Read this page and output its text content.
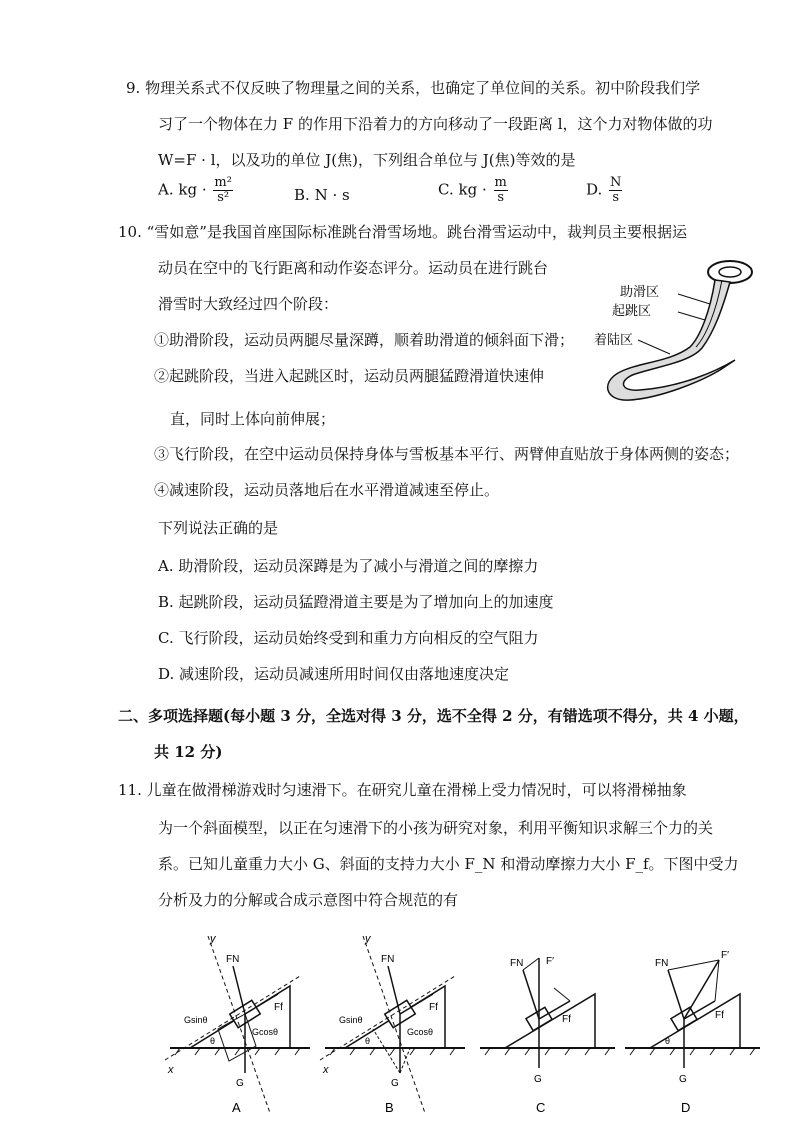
9. 物理关系式不仅反映了物理量之间的关系，也确定了单位间的关系。初中阶段我们学
习了一个物体在力 F 的作用下沿着力的方向移动了一段距离 l，这个力对物体做的功
W=F · l，以及功的单位 J(焦)，下列组合单位与 J(焦)等效的是
A. kg · $\frac{\text{m²}}{\text{s²}}$	B. N · s	C. kg · $\frac{m}{s}$	D. $\frac{N}{s}$
10. “雪如意”是我国首座国际标准跳台滑雪场地。跳台滑雪运动中，裁判员主要根据运
动员在空中的飞行距离和动作姿态评分。运动员在进行跳台
滑雪时大致经过四个阶段：
①助滑阶段，运动员两腿尽量深蹲，顺着助滑道的倾斜面下滑；
②起跳阶段，当进入起跳区时，运动员两腿猛蹬滑道快速伸
直，同时上体向前伸展；
③飞行阶段，在空中运动员保持身体与雪板基本平行、两臂伸直贴放于身体两侧的姿态；
④减速阶段，运动员落地后在水平滑道减速至停止。
下列说法正确的是
A. 助滑阶段，运动员深蹲是为了减小与滑道之间的摩擦力
B. 起跳阶段，运动员猛蹬滑道主要是为了增加向上的加速度
C. 飞行阶段，运动员始终受到和重力方向相反的空气阻力
D. 减速阶段，运动员减速所用时间仅由落地速度决定
助滑区
起跳区
着陆区
二、多项选择题(每小题 3 分，全选对得 3 分，选不全得 2 分，有错选项不得分，共 4 小题，
共 12 分)
11. 儿童在做滑梯游戏时匀速滑下。在研究儿童在滑梯上受力情况时，可以将滑梯抽象
为一个斜面模型，以正在匀速滑下的小孩为研究对象，利用平衡知识求解三个力的关
系。已知儿童重力大小 G、斜面的支持力大小 F_N 和滑动摩擦力大小 F_f。下图中受力
分析及力的分解或合成示意图中符合规范的有
y
x
FN
Ff
Gsinθ
Gcosθ
θ
G
A
y
x
FN
Ff
Gsinθ
Gcosθ
θ
G
B
FN F′
Ff
G
C
FN
F′
Ff
θ
G
D
